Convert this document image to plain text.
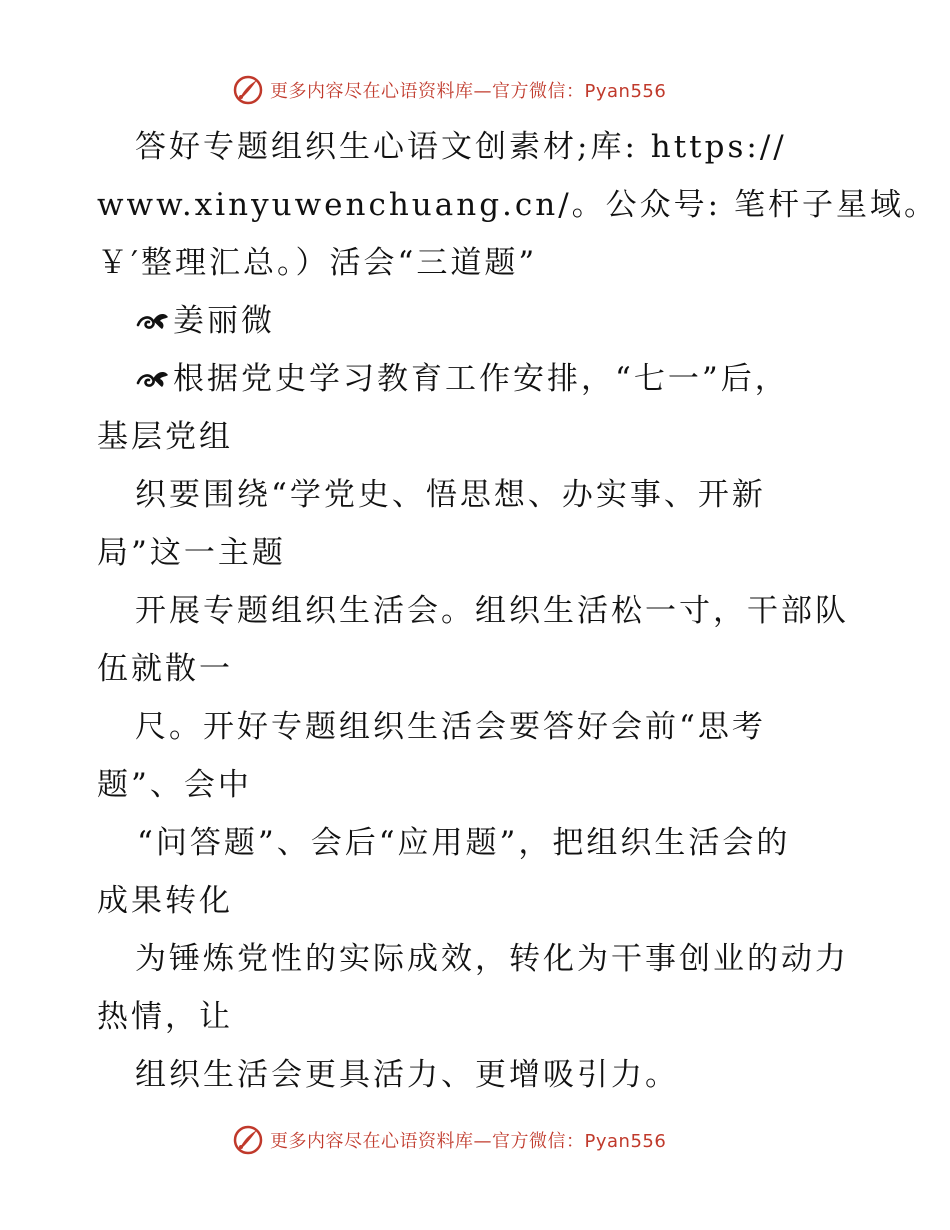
更多内容尽在心语资料库—官方微信：Pyan556
答好专题组织生心语文创素材;库: https://
www.xinyuwenchuang.cn/。公众号: 笔杆子星域。
￥′整理汇总。）活会“三道题”
姜丽微
根据党史学习教育工作安排，“七一”后，
基层党组
织要围绕“学党史、悟思想、办实事、开新
局”这一主题
开展专题组织生活会。组织生活松一寸，干部队
伍就散一
尺。开好专题组织生活会要答好会前“思考
题”、会中
“问答题”、会后“应用题”，把组织生活会的
成果转化
为锤炼党性的实际成效，转化为干事创业的动力
热情，让
组织生活会更具活力、更增吸引力。
更多内容尽在心语资料库—官方微信：Pyan556
